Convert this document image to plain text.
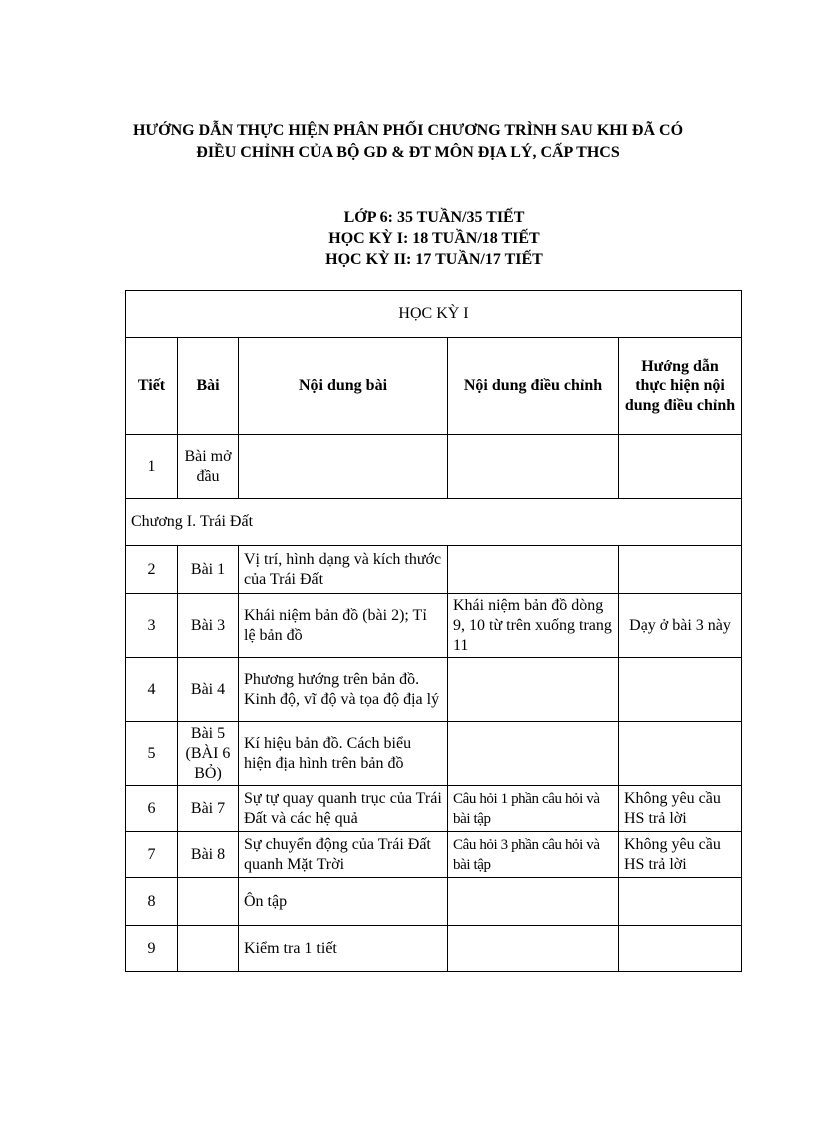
HƯỚNG DẪN THỰC HIỆN PHÂN PHỐI CHƯƠNG TRÌNH SAU KHI ĐÃ CÓ
ĐIỀU CHỈNH CỦA BỘ GD & ĐT MÔN ĐỊA LÝ, CẤP THCS
LỚP 6: 35 TUẦN/35 TIẾT
HỌC KỲ I: 18 TUẦN/18 TIẾT
HỌC KỲ II: 17 TUẦN/17 TIẾT
HỌC KỲ I				
Tiết	Bài	Nội dung bài	Nội dung điều chỉnh	Hướng dẫn thực hiện nội dung điều chỉnh
1	Bài mở đầu			
Chương I. Trái Đất				
2	Bài 1	Vị trí, hình dạng và kích thước của Trái Đất		
3	Bài 3	Khái niệm bản đồ (bài 2); Tỉ lệ bản đồ	Khái niệm bản đồ dòng 9, 10 từ trên xuống trang 11	Dạy ở bài 3 này
4	Bài 4	Phương hướng trên bản đồ. Kinh độ, vĩ độ và tọa độ địa lý		
5	Bài 5 (BÀI 6 BỎ)	Kí hiệu bản đồ. Cách biểu hiện địa hình trên bản đồ		
6	Bài 7	Sự tự quay quanh trục của Trái Đất và các hệ quả	Câu hỏi 1 phần câu hỏi và bài tập	Không yêu cầu HS trả lời
7	Bài 8	Sự chuyển động của Trái Đất quanh Mặt Trời	Câu hỏi 3 phần câu hỏi và bài tập	Không yêu cầu HS trả lời
8		Ôn tập		
9		Kiểm tra 1 tiết		
